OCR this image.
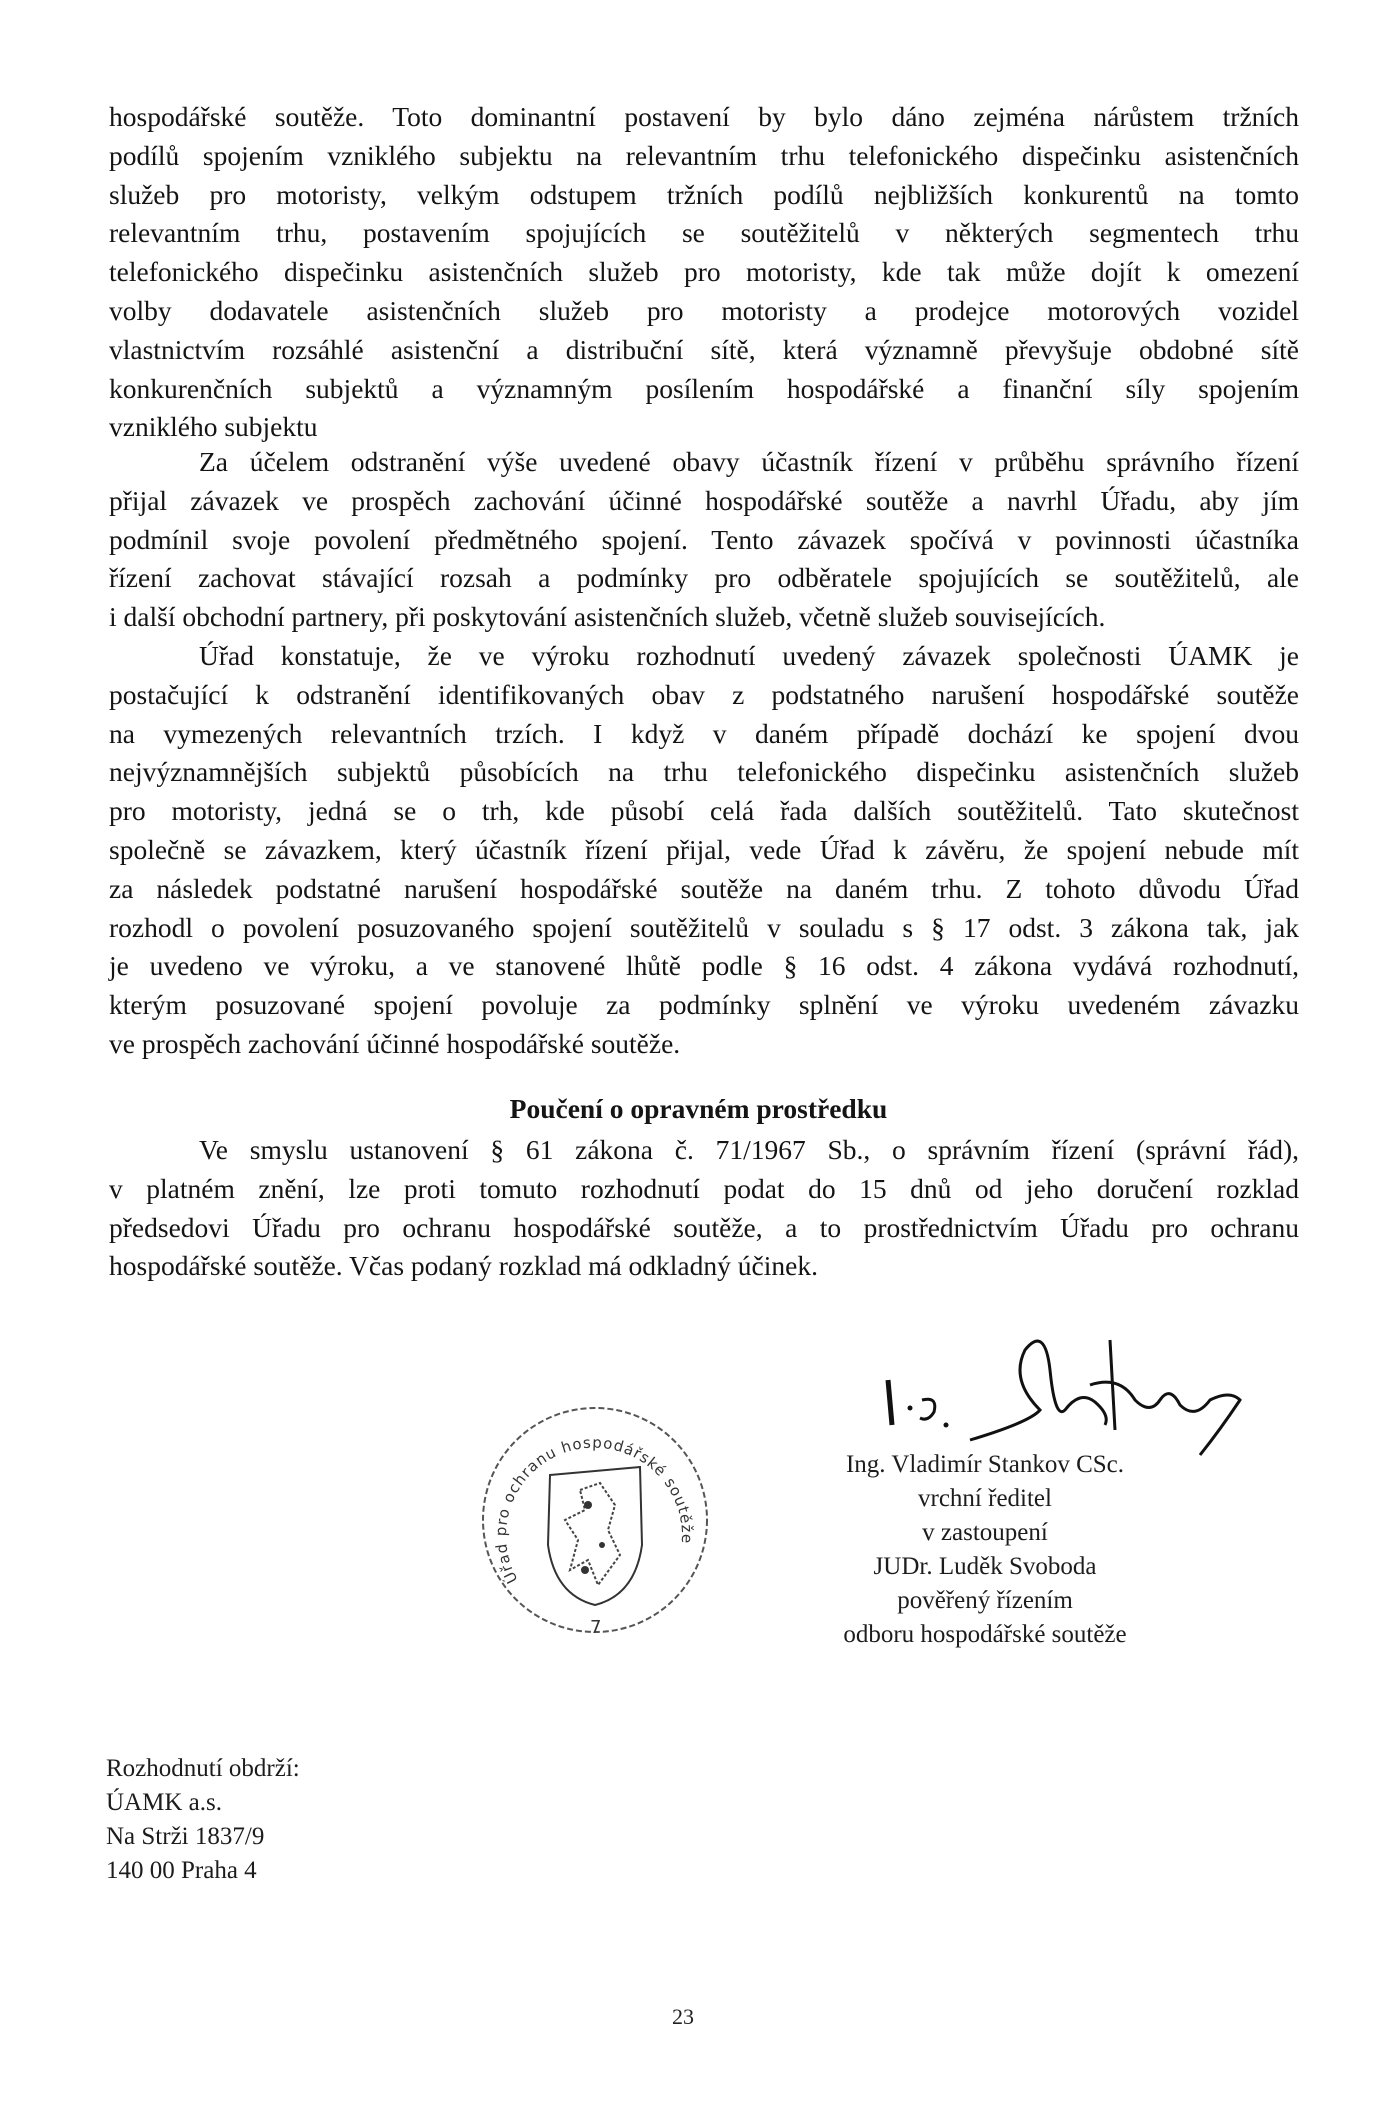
hospodářské soutěže. Toto dominantní postavení by bylo dáno zejména nárůstem tržních
podílů spojením vzniklého subjektu na relevantním trhu telefonického dispečinku asistenčních
služeb pro motoristy, velkým odstupem tržních podílů nejbližších konkurentů na tomto
relevantním trhu, postavením spojujících se soutěžitelů v některých segmentech trhu
telefonického dispečinku asistenčních služeb pro motoristy, kde tak může dojít k omezení
volby dodavatele asistenčních služeb pro motoristy a prodejce motorových vozidel
vlastnictvím rozsáhlé asistenční a distribuční sítě, která významně převyšuje obdobné sítě
konkurenčních subjektů a významným posílením hospodářské a finanční síly spojením
vzniklého subjektu
Za účelem odstranění výše uvedené obavy účastník řízení v průběhu správního řízení
přijal závazek ve prospěch zachování účinné hospodářské soutěže a navrhl Úřadu, aby jím
podmínil svoje povolení předmětného spojení. Tento závazek spočívá v povinnosti účastníka
řízení zachovat stávající rozsah a podmínky pro odběratele spojujících se soutěžitelů, ale
i další obchodní partnery, při poskytování asistenčních služeb, včetně služeb souvisejících.
Úřad konstatuje, že ve výroku rozhodnutí uvedený závazek společnosti ÚAMK je
postačující k odstranění identifikovaných obav z podstatného narušení hospodářské soutěže
na vymezených relevantních trzích. I když v daném případě dochází ke spojení dvou
nejvýznamnějších subjektů působících na trhu telefonického dispečinku asistenčních služeb
pro motoristy, jedná se o trh, kde působí celá řada dalších soutěžitelů. Tato skutečnost
společně se závazkem, který účastník řízení přijal, vede Úřad k závěru, že spojení nebude mít
za následek podstatné narušení hospodářské soutěže na daném trhu. Z tohoto důvodu Úřad
rozhodl o povolení posuzovaného spojení soutěžitelů v souladu s § 17 odst. 3 zákona tak, jak
je uvedeno ve výroku, a ve stanovené lhůtě podle § 16 odst. 4 zákona vydává rozhodnutí,
kterým posuzované spojení povoluje za podmínky splnění ve výroku uvedeném závazku
ve prospěch zachování účinné hospodářské soutěže.
Poučení o opravném prostředku
Ve smyslu ustanovení § 61 zákona č. 71/1967 Sb., o správním řízení (správní řád),
v platném znění, lze proti tomuto rozhodnutí podat do 15 dnů od jeho doručení rozklad
předsedovi Úřadu pro ochranu hospodářské soutěže, a to prostřednictvím Úřadu pro ochranu
hospodářské soutěže. Včas podaný rozklad má odkladný účinek.
Úřad pro ochranu hospodářské soutěže
7
Ing. Vladimír Stankov CSc.
vrchní ředitel
v zastoupení
JUDr. Luděk Svoboda
pověřený řízením
odboru hospodářské soutěže
Rozhodnutí obdrží:
ÚAMK a.s.
Na Strži 1837/9
140 00 Praha 4
23
